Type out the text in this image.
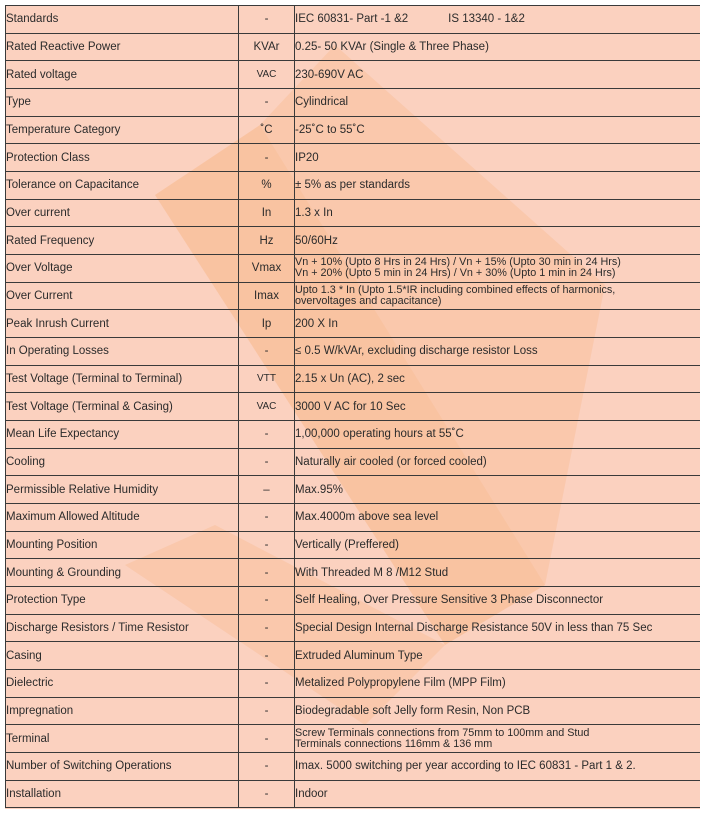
Standards	-	IEC 60831- Part -1 &2 IS 13340 - 1&2
Rated Reactive Power	KVAr	0.25- 50 KVAr (Single & Three Phase)
Rated voltage	VAC	230-690V AC
Type	-	Cylindrical
Temperature Category	˚C	-25˚C to 55˚C
Protection Class	-	IP20
Tolerance on Capacitance	%	± 5% as per standards
Over current	In	1.3 x In
Rated Frequency	Hz	50/60Hz
Over Voltage	Vmax	Vn + 10% (Upto 8 Hrs in 24 Hrs) / Vn + 15% (Upto 30 min in 24 Hrs)
Vn + 20% (Upto 5 min in 24 Hrs) / Vn + 30% (Upto 1 min in 24 Hrs)
Over Current	Imax	Upto 1.3 * In (Upto 1.5*IR including combined effects of harmonics,
overvoltages and capacitance)
Peak Inrush Current	Ip	200 X In
In Operating Losses	-	≤ 0.5 W/kVAr, excluding discharge resistor Loss
Test Voltage (Terminal to Terminal)	VTT	2.15 x Un (AC), 2 sec
Test Voltage (Terminal & Casing)	VAC	3000 V AC for 10 Sec
Mean Life Expectancy	-	1,00,000 operating hours at 55˚C
Cooling	-	Naturally air cooled (or forced cooled)
Permissible Relative Humidity	–	Max.95%
Maximum Allowed Altitude	-	Max.4000m above sea level
Mounting Position	-	Vertically (Preffered)
Mounting & Grounding	-	With Threaded M 8 /M12 Stud
Protection Type	-	Self Healing, Over Pressure Sensitive 3 Phase Disconnector
Discharge Resistors / Time Resistor	-	Special Design Internal Discharge Resistance 50V in less than 75 Sec
Casing	-	Extruded Aluminum Type
Dielectric	-	Metalized Polypropylene Film (MPP Film)
Impregnation	-	Biodegradable soft Jelly form Resin, Non PCB
Terminal	-	Screw Terminals connections from 75mm to 100mm and Stud
Terminals connections 116mm & 136 mm
Number of Switching Operations	-	Imax. 5000 switching per year according to IEC 60831 - Part 1 & 2.
Installation	-	Indoor
